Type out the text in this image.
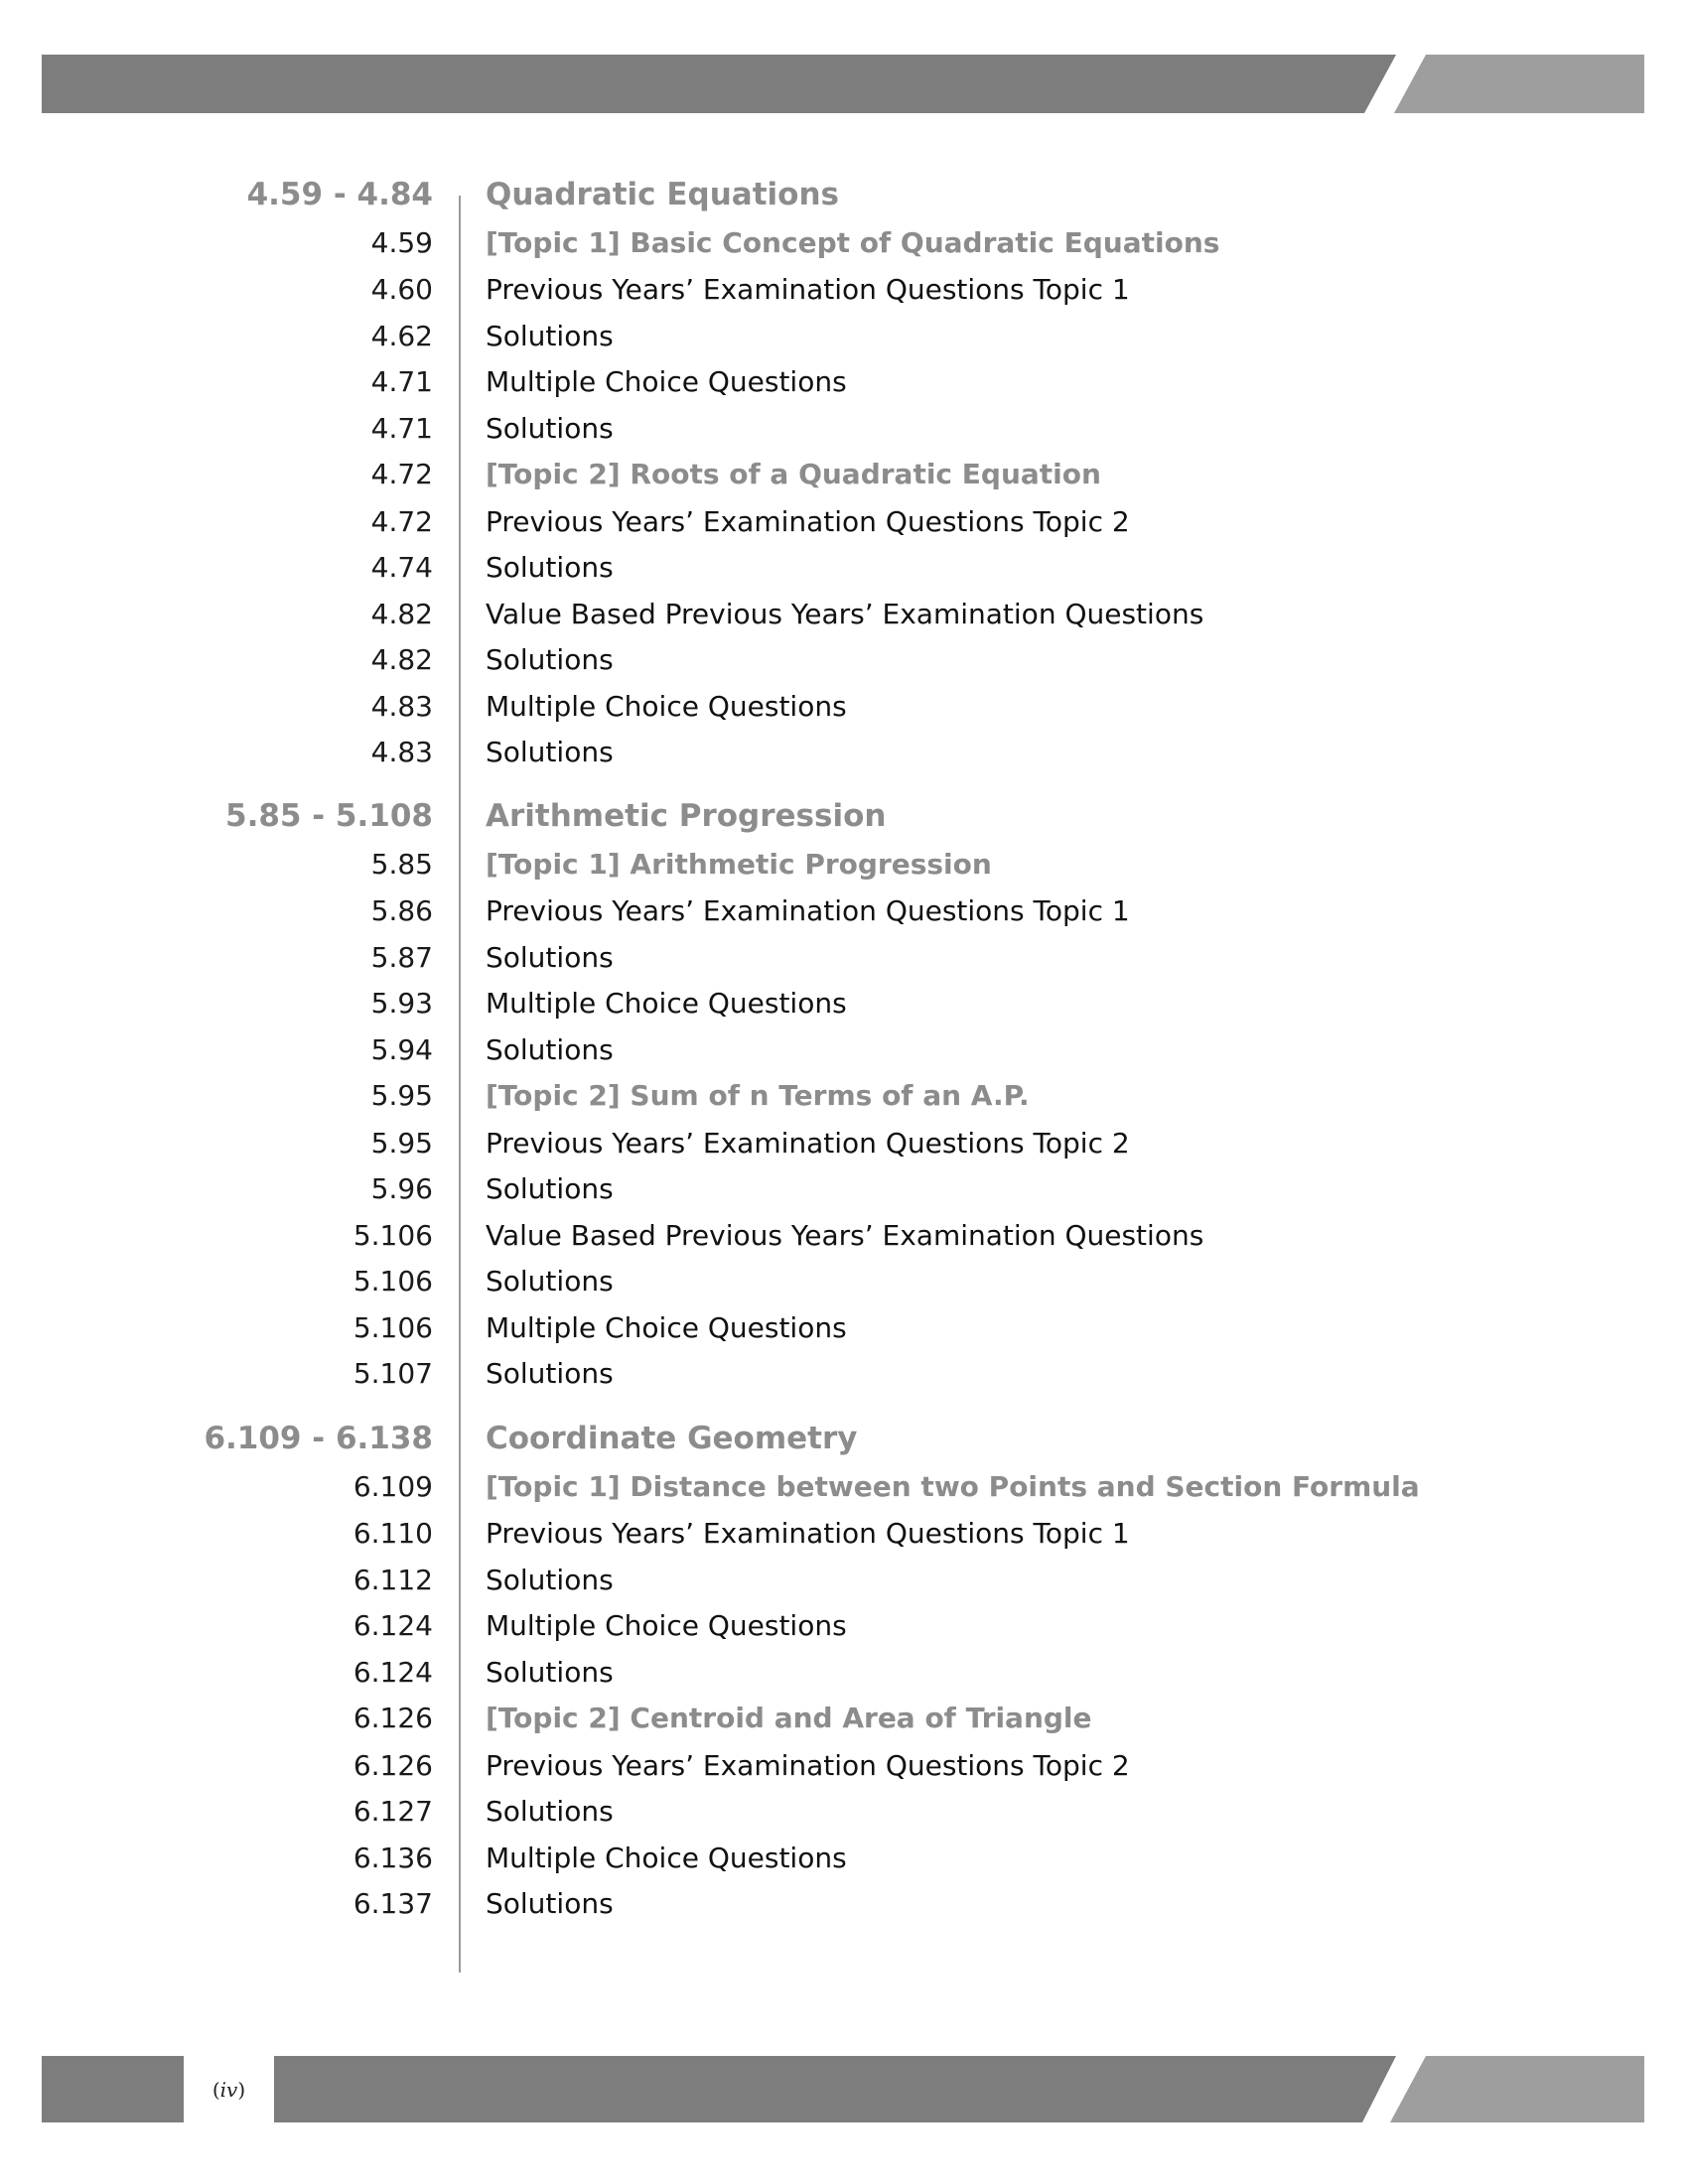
4.59 - 4.84 Quadratic Equations
4.59 [Topic 1] Basic Concept of Quadratic Equations
4.60 Previous Years’ Examination Questions Topic 1
4.62 Solutions
4.71 Multiple Choice Questions
4.71 Solutions
4.72 [Topic 2] Roots of a Quadratic Equation
4.72 Previous Years’ Examination Questions Topic 2
4.74 Solutions
4.82 Value Based Previous Years’ Examination Questions
4.82 Solutions
4.83 Multiple Choice Questions
4.83 Solutions
5.85 - 5.108 Arithmetic Progression
5.85 [Topic 1] Arithmetic Progression
5.86 Previous Years’ Examination Questions Topic 1
5.87 Solutions
5.93 Multiple Choice Questions
5.94 Solutions
5.95 [Topic 2] Sum of n Terms of an A.P.
5.95 Previous Years’ Examination Questions Topic 2
5.96 Solutions
5.106 Value Based Previous Years’ Examination Questions
5.106 Solutions
5.106 Multiple Choice Questions
5.107 Solutions
6.109 - 6.138 Coordinate Geometry
6.109 [Topic 1] Distance between two Points and Section Formula
6.110 Previous Years’ Examination Questions Topic 1
6.112 Solutions
6.124 Multiple Choice Questions
6.124 Solutions
6.126 [Topic 2] Centroid and Area of Triangle
6.126 Previous Years’ Examination Questions Topic 2
6.127 Solutions
6.136 Multiple Choice Questions
6.137 Solutions
( iv )
